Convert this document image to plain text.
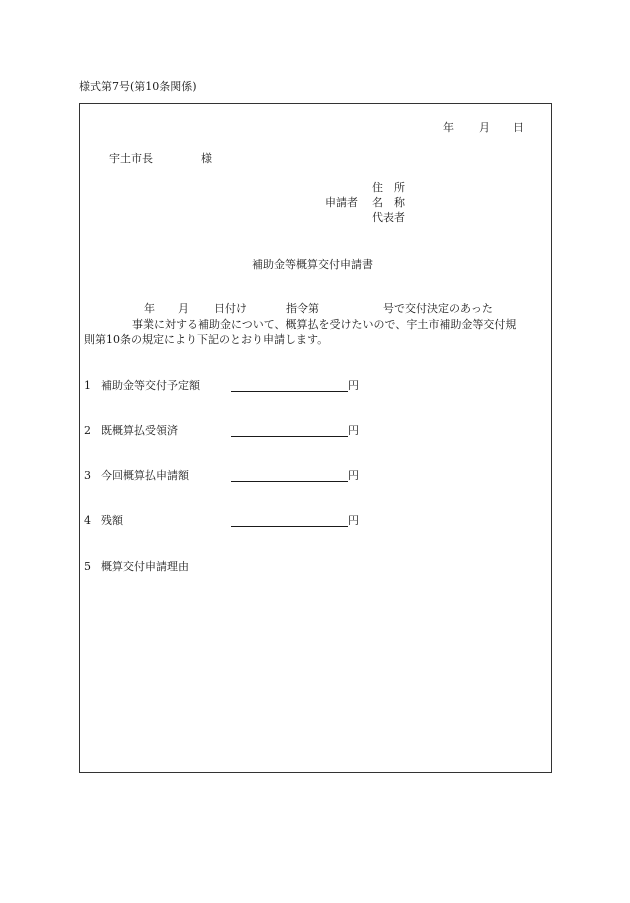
様式第7号(第10条関係)
年 月 日
宇土市長	様
住　所
申請者 名　称
代表者
補助金等概算交付申請書
年 月 日付け	指令第	号で交付決定のあった
事業に対する補助金について、概算払を受けたいので、宇土市補助金等交付規
則第10条の規定により下記のとおり申請します。
1 補助金等交付予定額	円
2 既概算払受領済	円
3 今回概算払申請額	円
4 残額	円
5 概算交付申請理由
